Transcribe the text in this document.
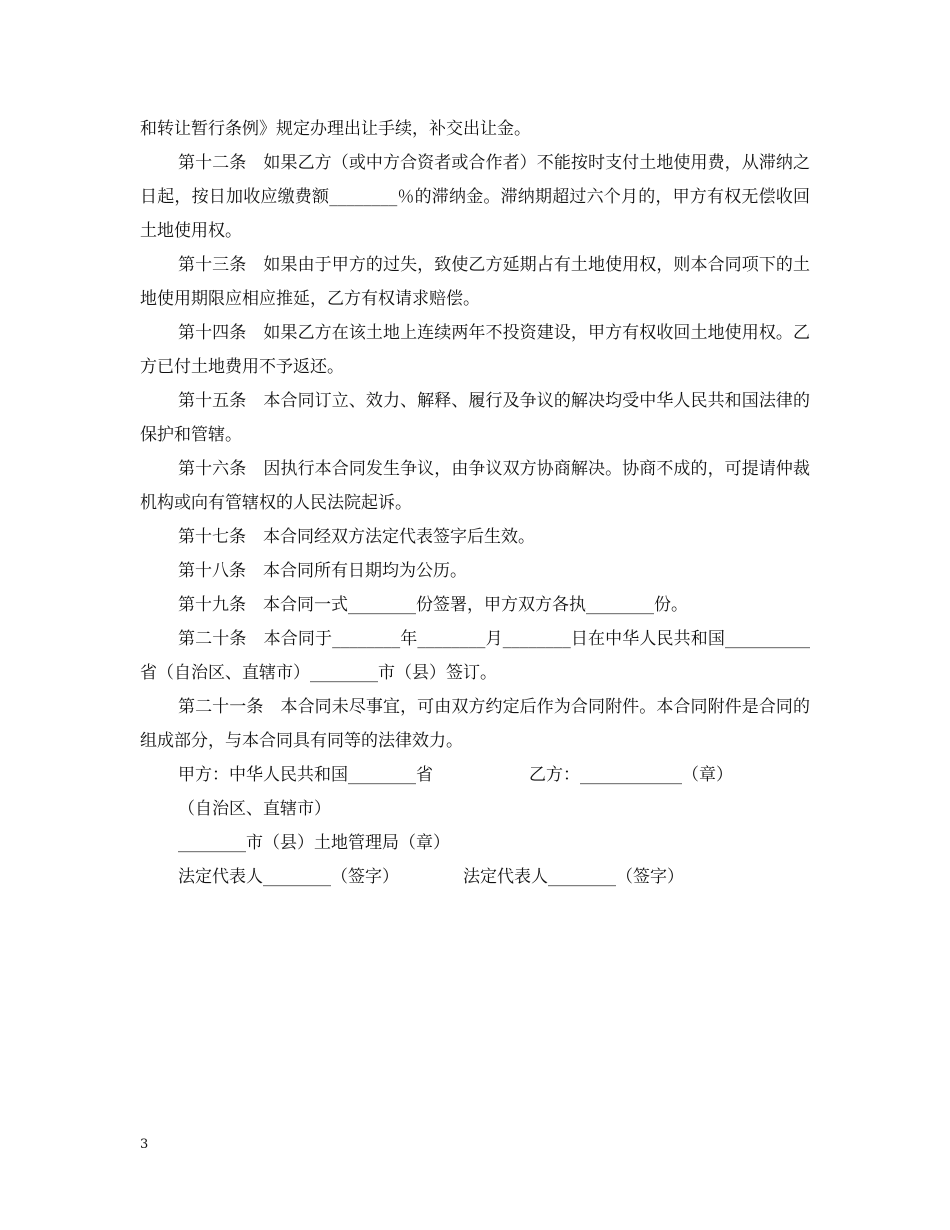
和转让暂行条例》规定办理出让手续，补交出让金。

第十二条　如果乙方（或中方合资者或合作者）不能按时支付土地使用费，从滞纳之日起，按日加收应缴费额________％的滞纳金。滞纳期超过六个月的，甲方有权无偿收回土地使用权。

第十三条　如果由于甲方的过失，致使乙方延期占有土地使用权，则本合同项下的土地使用期限应相应推延，乙方有权请求赔偿。

第十四条　如果乙方在该土地上连续两年不投资建设，甲方有权收回土地使用权。乙方已付土地费用不予返还。

第十五条　本合同订立、效力、解释、履行及争议的解决均受中华人民共和国法律的保护和管辖。

第十六条　因执行本合同发生争议，由争议双方协商解决。协商不成的，可提请仲裁机构或向有管辖权的人民法院起诉。

第十七条　本合同经双方法定代表签字后生效。

第十八条　本合同所有日期均为公历。

第十九条　本合同一式________份签署，甲方双方各执________份。

第二十条　本合同于________年________月________日在中华人民共和国__________省（自治区、直辖市）________市（县）签订。

第二十一条　本合同未尽事宜，可由双方约定后作为合同附件。本合同附件是合同的组成部分，与本合同具有同等的法律效力。

甲方：中华人民共和国________省	乙方：____________（章）
（自治区、直辖市）
________市（县）土地管理局（章）
法定代表人________（签字）	法定代表人________（签字）
3
